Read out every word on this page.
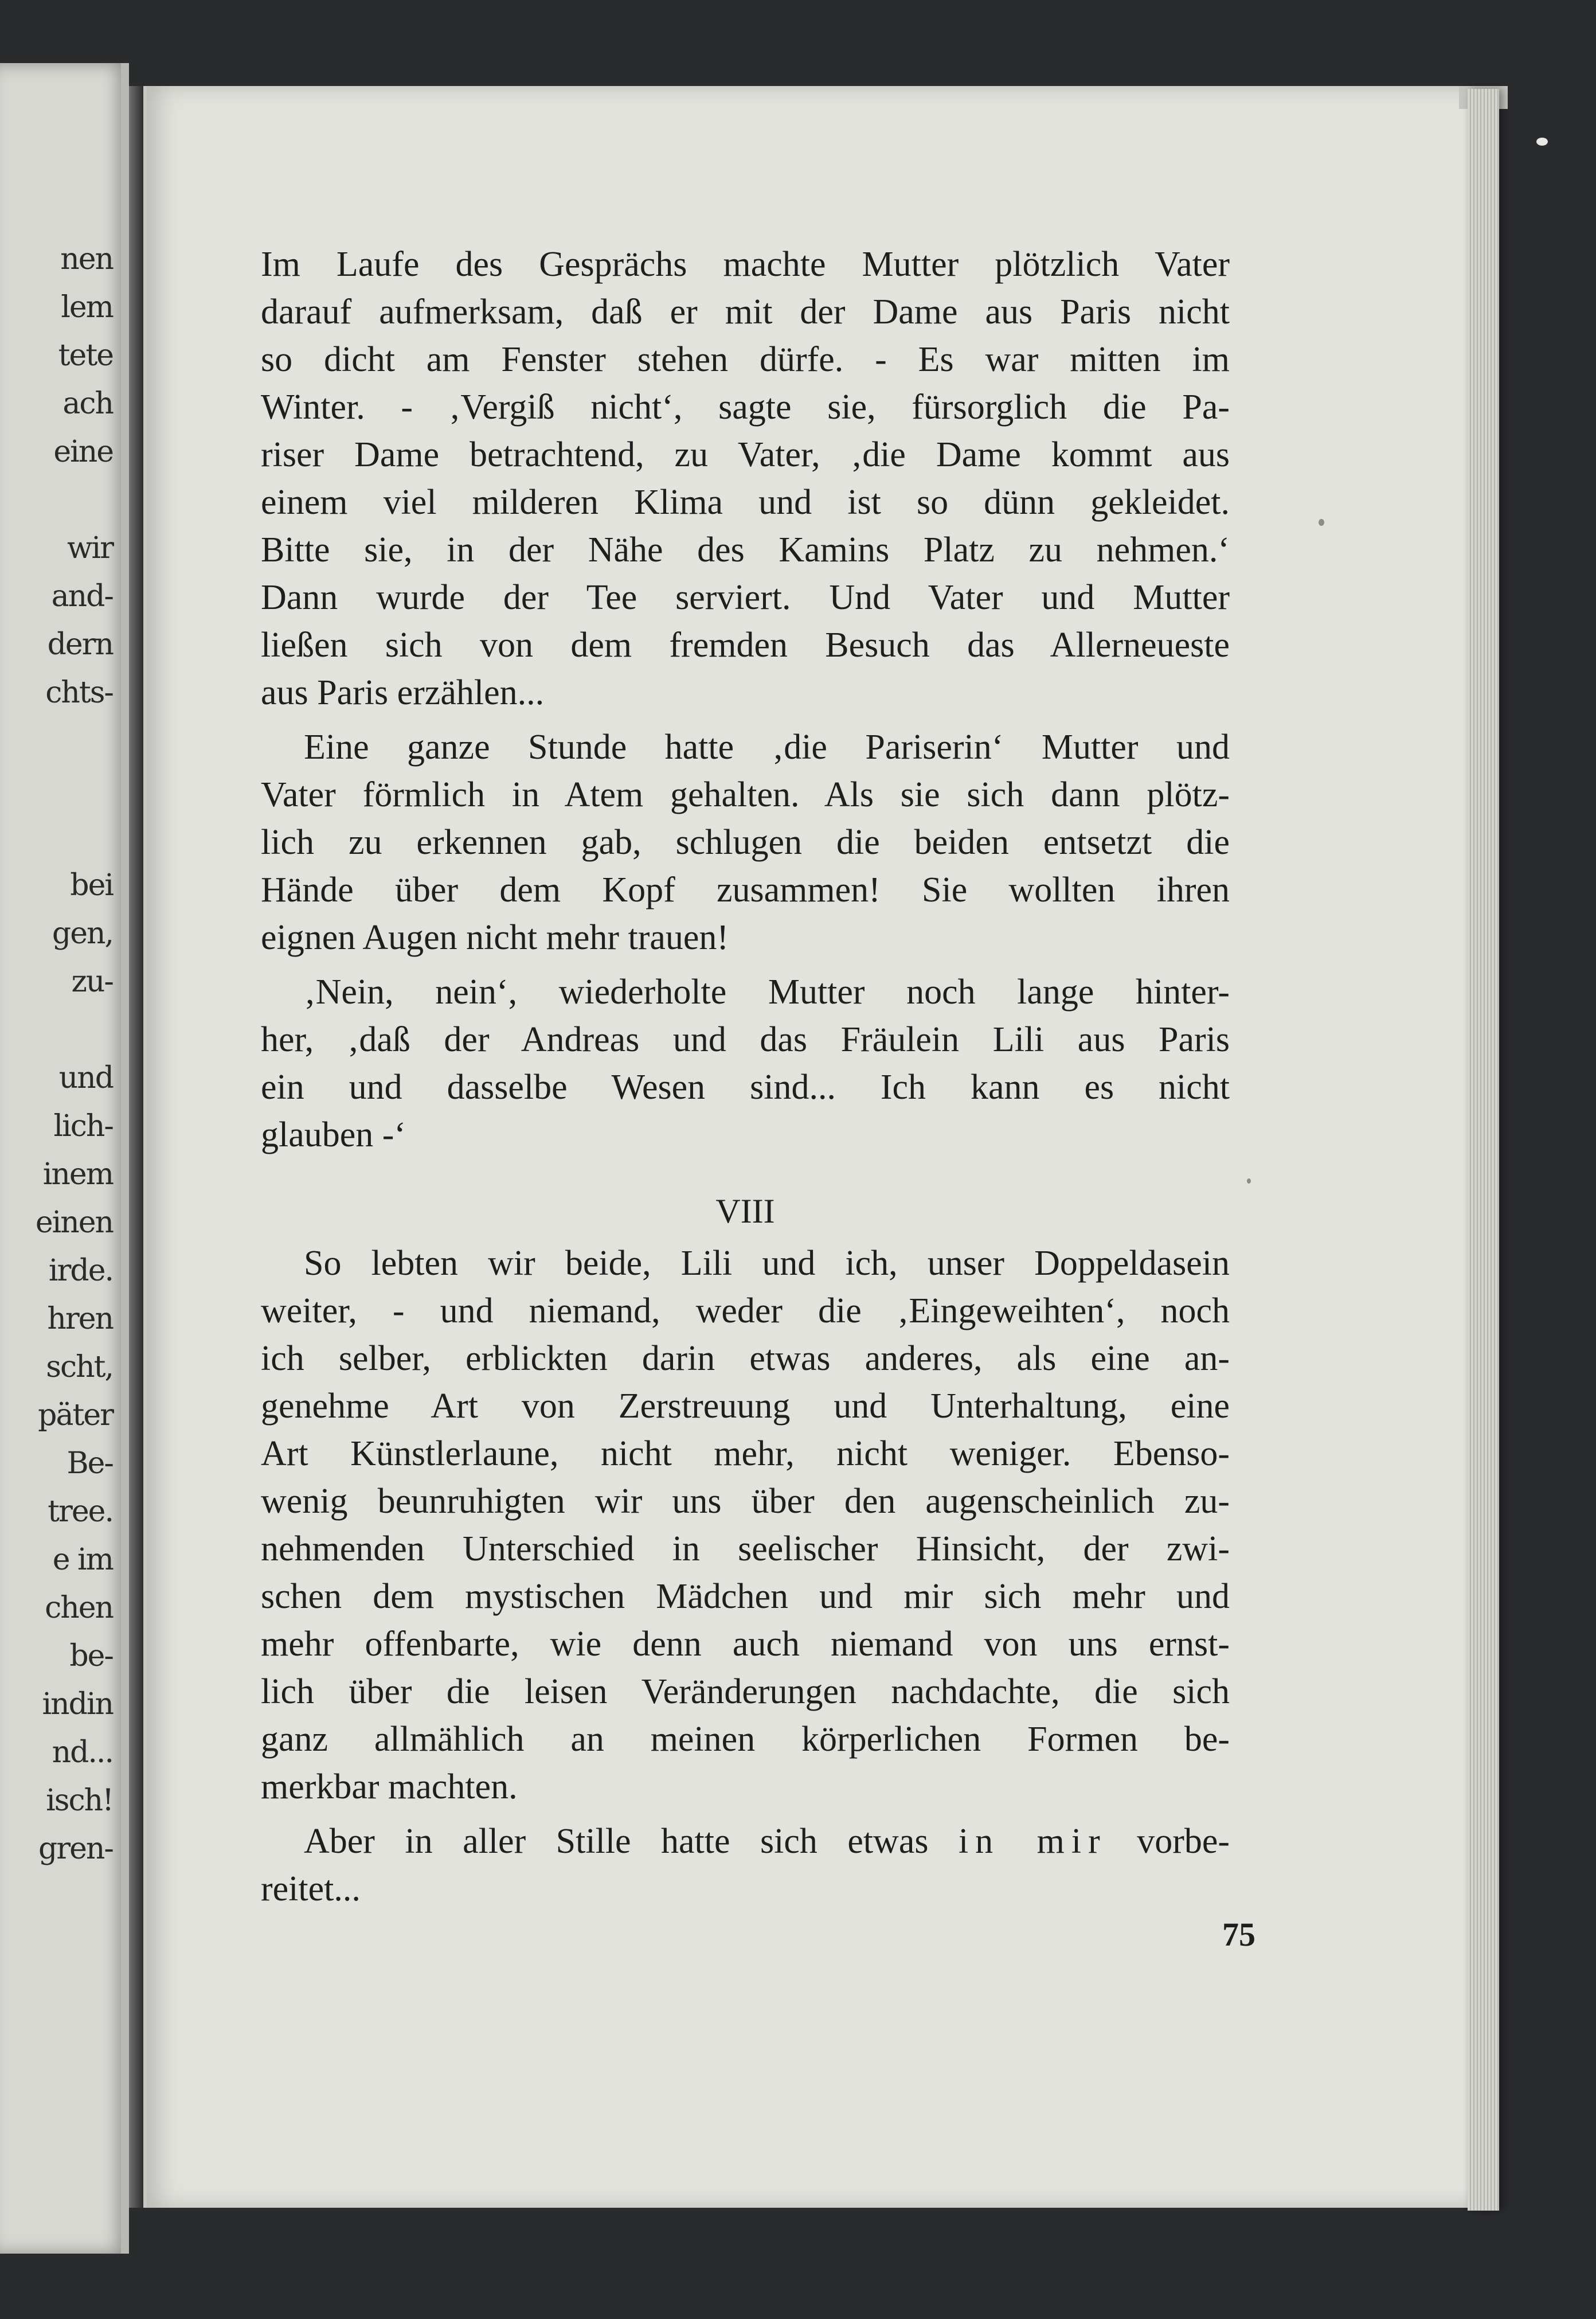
nen
lem
tete
ach
eine
wir
and-
dern
chts-
bei
gen,
zu-
und
lich-
inem
einen
irde.
hren
scht,
päter
Be-
tree.
e im
chen
be-
indin
nd...
isch!
gren-
Im Laufe des Gesprächs machte Mutter plötzlich Vater
darauf aufmerksam, daß er mit der Dame aus Paris nicht
so dicht am Fenster stehen dürfe. - Es war mitten im
Winter. - ‚Vergiß nicht‘, sagte sie, fürsorglich die Pa-
riser Dame betrachtend, zu Vater, ‚die Dame kommt aus
einem viel milderen Klima und ist so dünn gekleidet.
Bitte sie, in der Nähe des Kamins Platz zu nehmen.‘
Dann wurde der Tee serviert. Und Vater und Mutter
ließen sich von dem fremden Besuch das Allerneueste
aus Paris erzählen...
Eine ganze Stunde hatte ‚die Pariserin‘ Mutter und
Vater förmlich in Atem gehalten. Als sie sich dann plötz-
lich zu erkennen gab, schlugen die beiden entsetzt die
Hände über dem Kopf zusammen! Sie wollten ihren
eignen Augen nicht mehr trauen!
‚Nein, nein‘, wiederholte Mutter noch lange hinter-
her, ‚daß der Andreas und das Fräulein Lili aus Paris
ein und dasselbe Wesen sind... Ich kann es nicht
glauben -‘
VIII
So lebten wir beide, Lili und ich, unser Doppeldasein
weiter, - und niemand, weder die ‚Eingeweihten‘, noch
ich selber, erblickten darin etwas anderes, als eine an-
genehme Art von Zerstreuung und Unterhaltung, eine
Art Künstlerlaune, nicht mehr, nicht weniger. Ebenso-
wenig beunruhigten wir uns über den augenscheinlich zu-
nehmenden Unterschied in seelischer Hinsicht, der zwi-
schen dem mystischen Mädchen und mir sich mehr und
mehr offenbarte, wie denn auch niemand von uns ernst-
lich über die leisen Veränderungen nachdachte, die sich
ganz allmählich an meinen körperlichen Formen be-
merkbar machten.
Aber in aller Stille hatte sich etwas in mir vorbe-
reitet...
75
